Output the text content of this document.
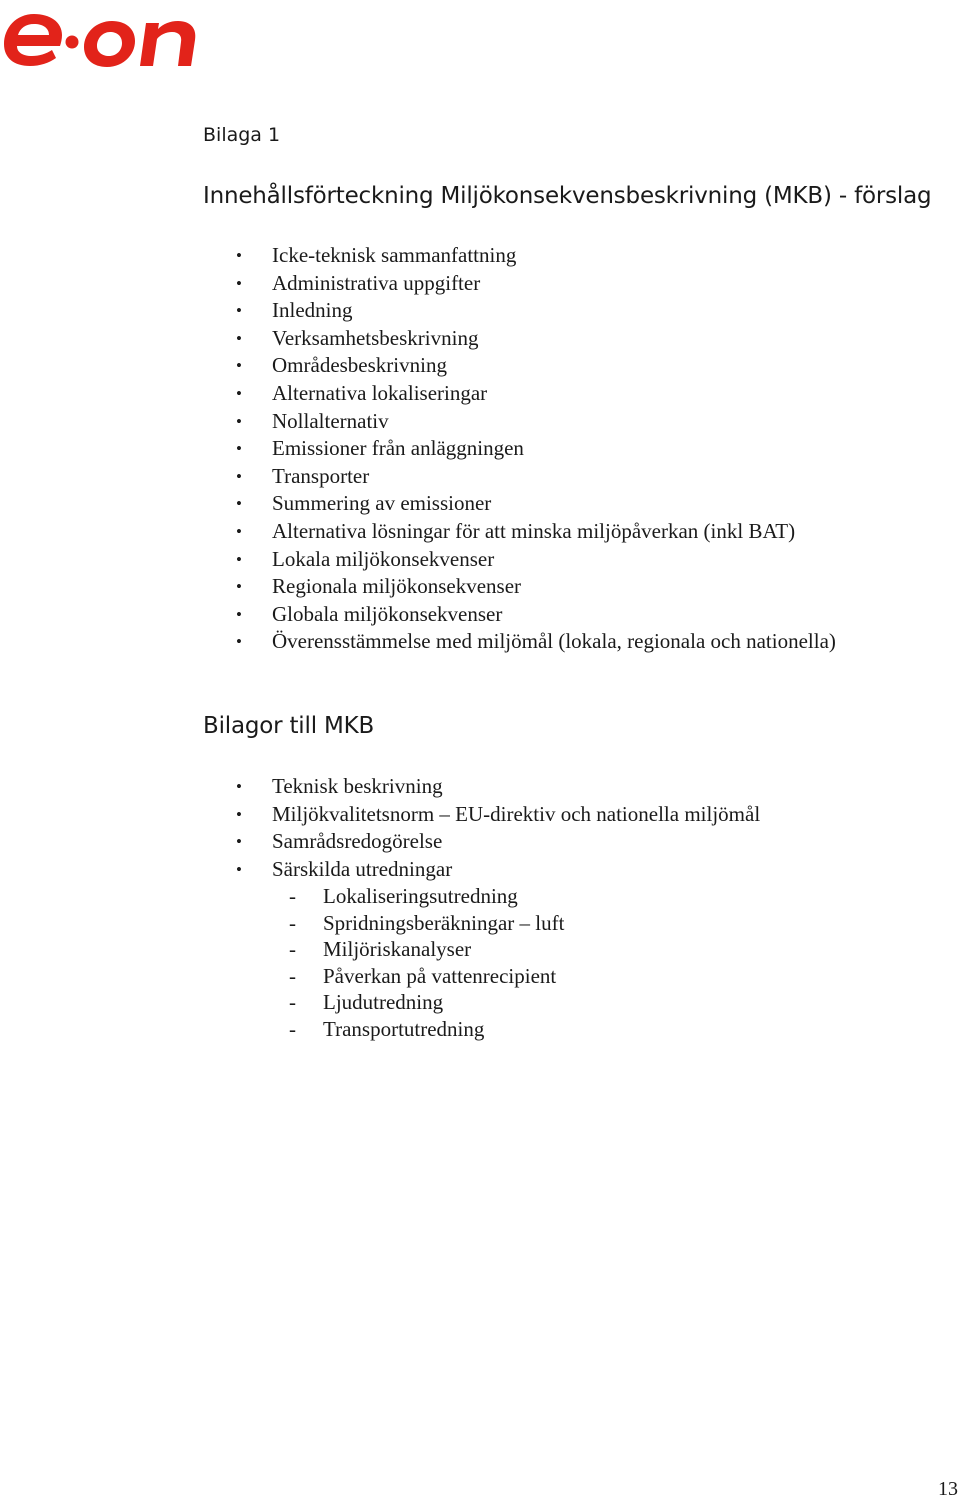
Bilaga 1
Innehållsförteckning Miljökonsekvensbeskrivning (MKB) - förslag
• Icke-teknisk sammanfattning
• Administrativa uppgifter
• Inledning
• Verksamhetsbeskrivning
• Områdesbeskrivning
• Alternativa lokaliseringar
• Nollalternativ
• Emissioner från anläggningen
• Transporter
• Summering av emissioner
• Alternativa lösningar för att minska miljöpåverkan (inkl BAT)
• Lokala miljökonsekvenser
• Regionala miljökonsekvenser
• Globala miljökonsekvenser
• Överensstämmelse med miljömål (lokala, regionala och nationella)
Bilagor till MKB
• Teknisk beskrivning
• Miljökvalitetsnorm – EU-direktiv och nationella miljömål
• Samrådsredogörelse
• Särskilda utredningar
- Lokaliseringsutredning
- Spridningsberäkningar – luft
- Miljöriskanalyser
- Påverkan på vattenrecipient
- Ljudutredning
- Transportutredning
13
